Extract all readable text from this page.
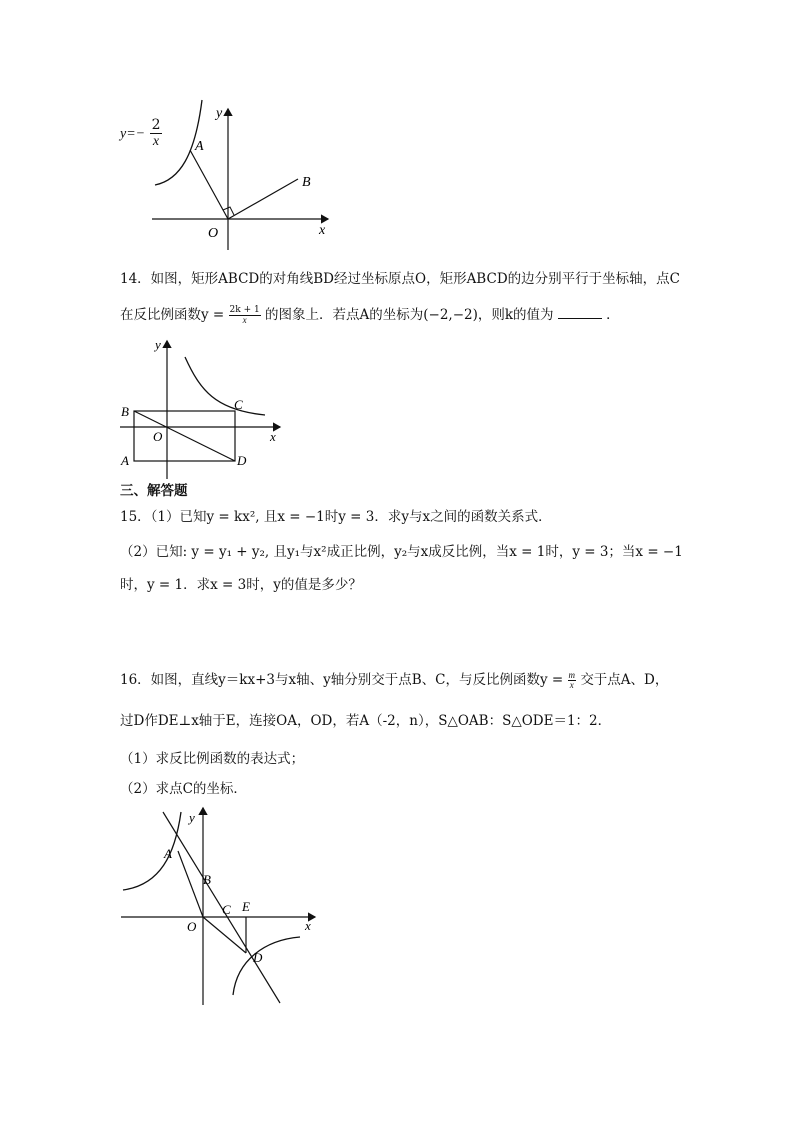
$y=- \frac{2}{x}$ A
B
O	x
y
14．如图，矩形ABCD的对角线BD经过坐标原点O，矩形ABCD的边分别平行于坐标轴，点C
在反比例函数$y = \frac{2k + 1}{x}$ 的图象上．若点A的坐标为(−2,−2)，则k的值为	．
B	C
O
A	D
x
y
三、解答题
15．（1）已知y = kx², 且x = −1时y = 3．求y与x之间的函数关系式．
（2）已知: y = y₁ + y₂, 且y₁与x²成正比例，y₂与x成反比例，当x = 1时，y = 3；当x = −1
时，y = 1．求x = 3时，y的值是多少？
16．如图，直线y＝kx+3与x轴、y轴分别交于点B、C，与反比例函数$y = \frac{m}{x}$ 交于点A、D，
过D作DE⊥x轴于E，连接OA，OD，若A（-2，n），S△OAB：S△ODE＝1：2．
（1）求反比例函数的表达式；
（2）求点C的坐标．
A
B
C E
O
D
x
y
